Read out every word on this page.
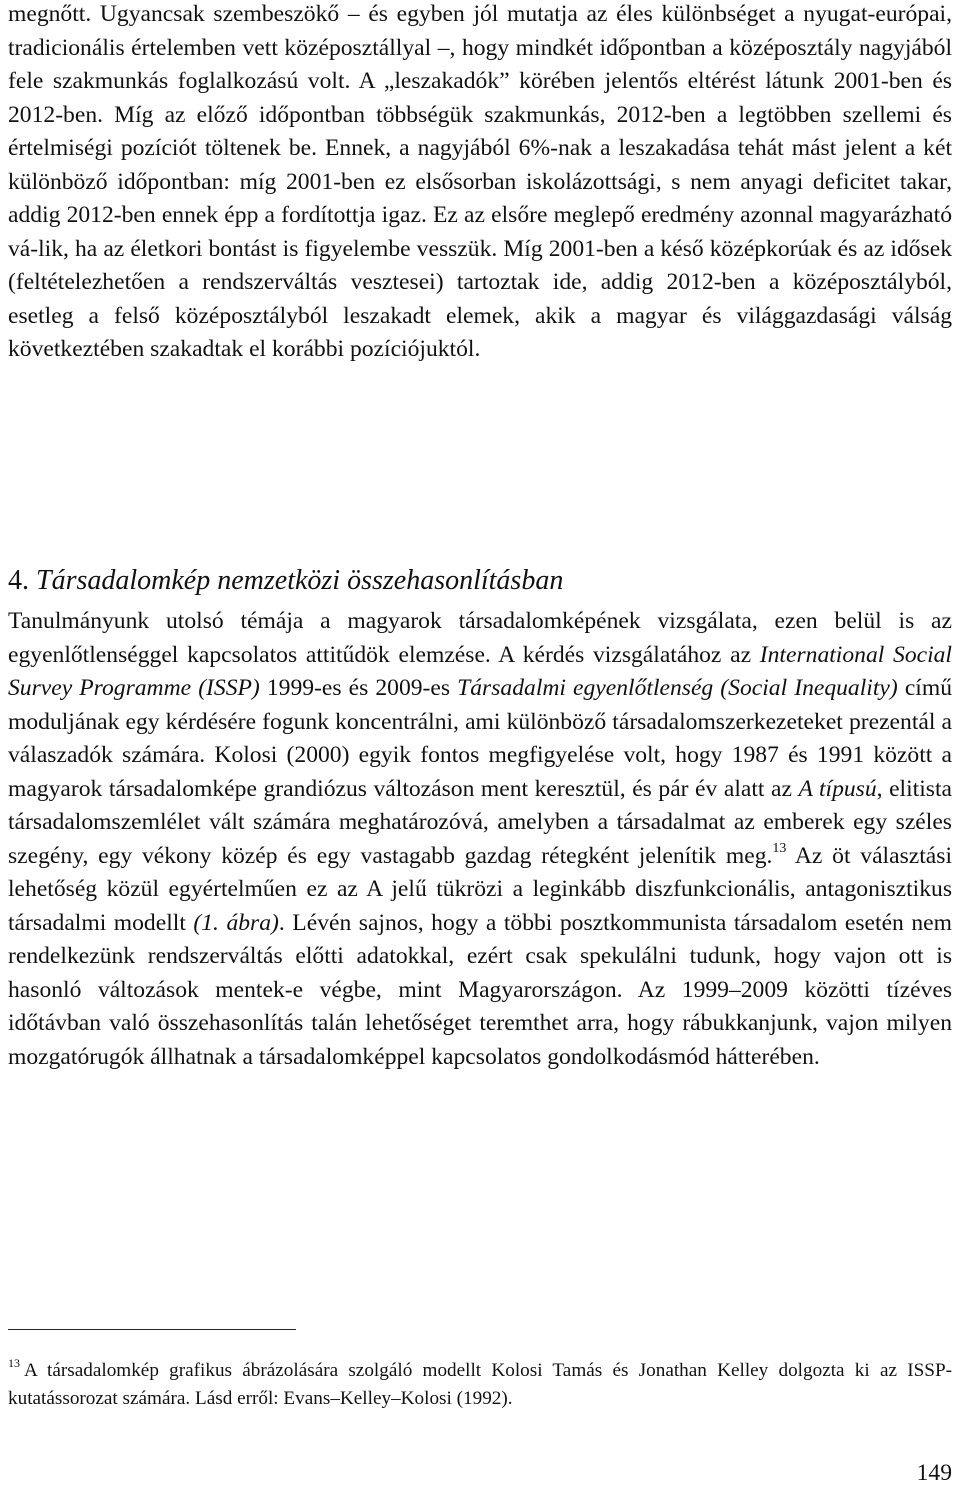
megnőtt. Ugyancsak szembeszökő – és egyben jól mutatja az éles különbséget a nyugat-európai, tradicionális értelemben vett középosztállyal –, hogy mindkét időpontban a középosztály nagyjából fele szakmunkás foglalkozású volt. A „leszakadók” körében jelentős eltérést látunk 2001-ben és 2012-ben. Míg az előző időpontban többségük szakmunkás, 2012-ben a legtöbben szellemi és értelmiségi pozíciót töltenek be. Ennek, a nagyjából 6%-nak a leszakadása tehát mást jelent a két különböző időpontban: míg 2001-ben ez elsősorban iskolázottsági, s nem anyagi deficitet takar, addig 2012-ben ennek épp a fordítottja igaz. Ez az elsőre meglepő eredmény azonnal magyarázható vá-lik, ha az életkori bontást is figyelembe vesszük. Míg 2001-ben a késő középkorúak és az idősek (feltételezhetően a rendszerváltás vesztesei) tartoztak ide, addig 2012-ben a középosztályból, esetleg a felső középosztályból leszakadt elemek, akik a magyar és világgazdasági válság következtében szakadtak el korábbi pozíciójuktól.

4. Társadalomkép nemzetközi összehasonlításban

Tanulmányunk utolsó témája a magyarok társadalomképének vizsgálata, ezen belül is az egyenlőtlenséggel kapcsolatos attitűdök elemzése. A kérdés vizsgálatához az International Social Survey Programme (ISSP) 1999-es és 2009-es Társadalmi egyenlőtlenség (Social Inequality) című moduljának egy kérdésére fogunk koncentrálni, ami különböző társadalomszerkezeteket prezentál a válaszadók számára. Kolosi (2000) egyik fontos megfigyelése volt, hogy 1987 és 1991 között a magyarok társadalomképe grandiózus változáson ment keresztül, és pár év alatt az A típusú, elitista társadalomszemlélet vált számára meghatározóvá, amelyben a társadalmat az emberek egy széles szegény, egy vékony közép és egy vastagabb gazdag rétegként jelenítik meg.$^{13}$ Az öt választási lehetőség közül egyértelműen ez az A jelű tükrözi a leginkább diszfunkcionális, antagonisztikus társadalmi modellt (1. ábra). Lévén sajnos, hogy a többi posztkommunista társadalom esetén nem rendelkezünk rendszerváltás előtti adatokkal, ezért csak spekulálni tudunk, hogy vajon ott is hasonló változások mentek-e végbe, mint Magyarországon. Az 1999–2009 közötti tízéves időtávban való összehasonlítás talán lehetőséget teremthet arra, hogy rábukkanjunk, vajon milyen mozgatórugók állhatnak a társadalomképpel kapcsolatos gondolkodásmód hátterében.

$^{13}$ A társadalomkép grafikus ábrázolására szolgáló modellt Kolosi Tamás és Jonathan Kelley dolgozta ki az ISSP-kutatássorozat számára. Lásd erről: Evans–Kelley–Kolosi (1992).

149
